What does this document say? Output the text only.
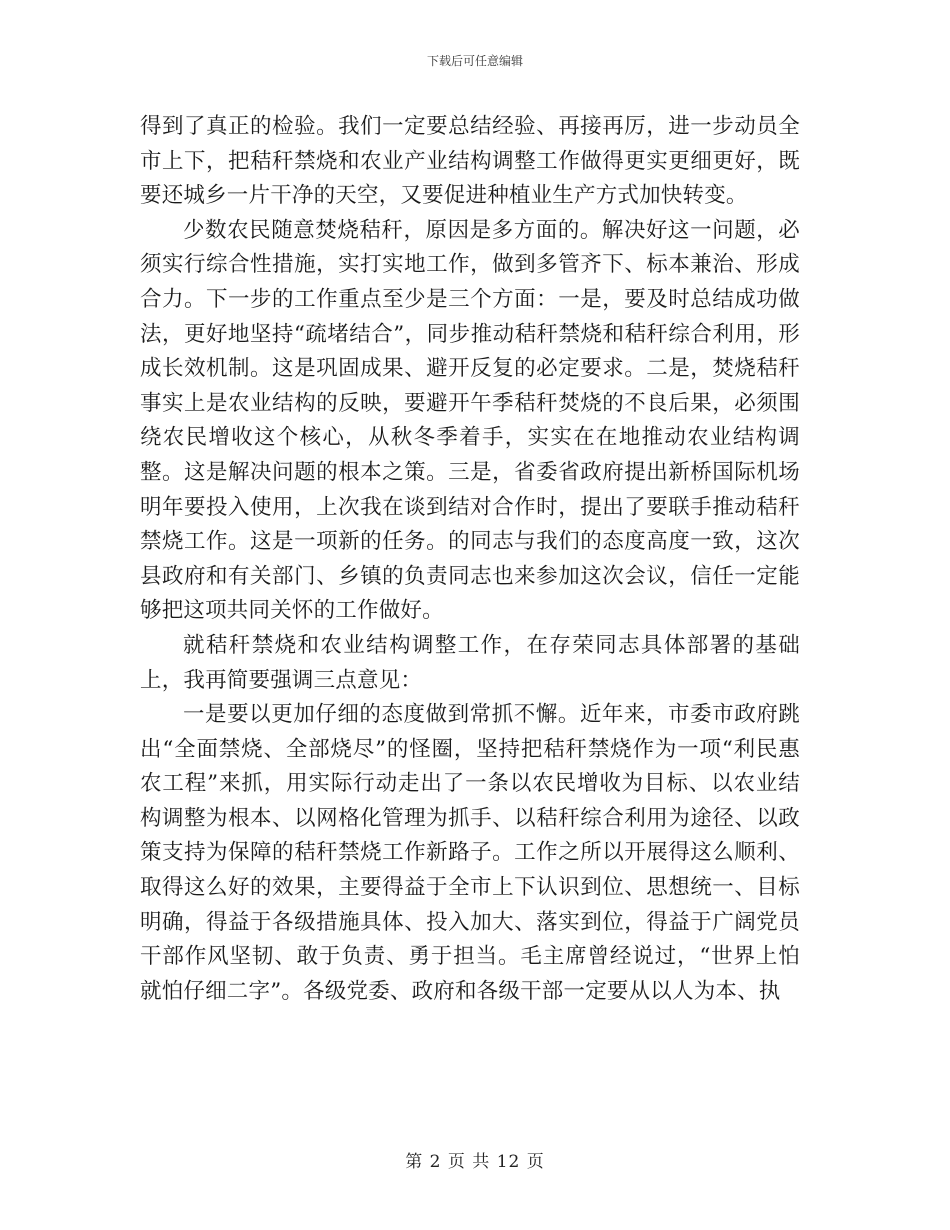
下载后可任意编辑

得到了真正的检验。我们一定要总结经验、再接再厉，进一步动员全市上下，把秸秆禁烧和农业产业结构调整工作做得更实更细更好，既要还城乡一片干净的天空，又要促进种植业生产方式加快转变。

少数农民随意焚烧秸秆，原因是多方面的。解决好这一问题，必须实行综合性措施，实打实地工作，做到多管齐下、标本兼治、形成合力。下一步的工作重点至少是三个方面：一是，要及时总结成功做法，更好地坚持“疏堵结合”，同步推动秸秆禁烧和秸秆综合利用，形成长效机制。这是巩固成果、避开反复的必定要求。二是，焚烧秸秆事实上是农业结构的反映，要避开午季秸秆焚烧的不良后果，必须围绕农民增收这个核心，从秋冬季着手，实实在在地推动农业结构调整。这是解决问题的根本之策。三是，省委省政府提出新桥国际机场明年要投入使用，上次我在谈到结对合作时，提出了要联手推动秸秆禁烧工作。这是一项新的任务。的同志与我们的态度高度一致，这次县政府和有关部门、乡镇的负责同志也来参加这次会议，信任一定能够把这项共同关怀的工作做好。

就秸秆禁烧和农业结构调整工作，在存荣同志具体部署的基础上，我再简要强调三点意见：

一是要以更加仔细的态度做到常抓不懈。近年来，市委市政府跳出“全面禁烧、全部烧尽”的怪圈，坚持把秸秆禁烧作为一项“利民惠农工程”来抓，用实际行动走出了一条以农民增收为目标、以农业结构调整为根本、以网格化管理为抓手、以秸秆综合利用为途径、以政策支持为保障的秸秆禁烧工作新路子。工作之所以开展得这么顺利、取得这么好的效果，主要得益于全市上下认识到位、思想统一、目标明确，得益于各级措施具体、投入加大、落实到位，得益于广阔党员干部作风坚韧、敢于负责、勇于担当。毛主席曾经说过，“世界上怕就怕仔细二字”。各级党委、政府和各级干部一定要从以人为本、执

第 2 页 共 12 页
